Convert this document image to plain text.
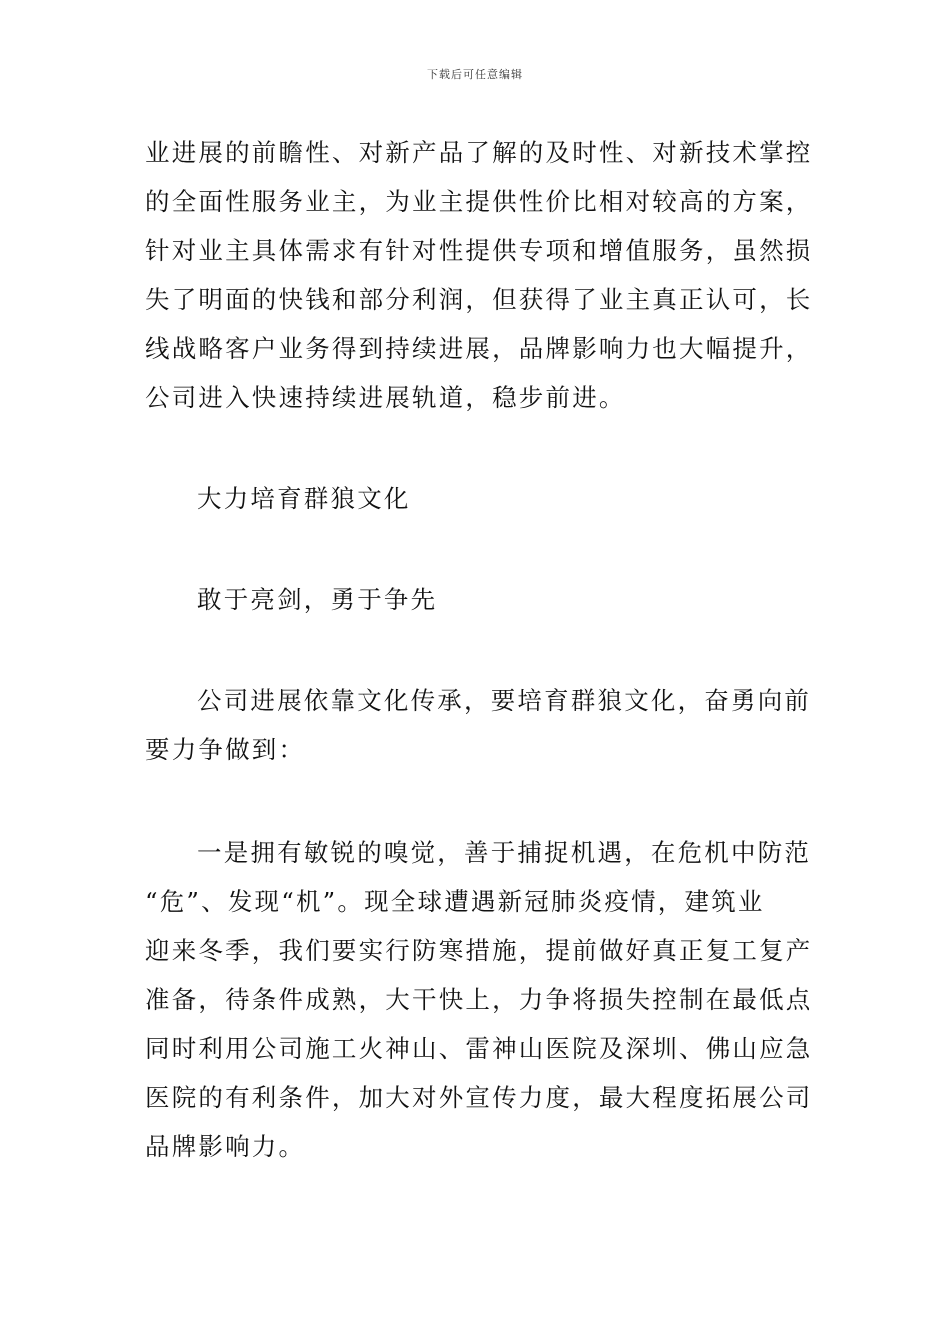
下载后可任意编辑
业进展的前瞻性、对新产品了解的及时性、对新技术掌控
的全面性服务业主，为业主提供性价比相对较高的方案，
针对业主具体需求有针对性提供专项和增值服务，虽然损
失了明面的快钱和部分利润，但获得了业主真正认可，长
线战略客户业务得到持续进展，品牌影响力也大幅提升，
公司进入快速持续进展轨道，稳步前进。
大力培育群狼文化
敢于亮剑，勇于争先
公司进展依靠文化传承，要培育群狼文化，奋勇向前
要力争做到：
一是拥有敏锐的嗅觉，善于捕捉机遇，在危机中防范
“危”、发现“机”。现全球遭遇新冠肺炎疫情，建筑业
迎来冬季，我们要实行防寒措施，提前做好真正复工复产
准备，待条件成熟，大干快上，力争将损失控制在最低点
同时利用公司施工火神山、雷神山医院及深圳、佛山应急
医院的有利条件，加大对外宣传力度，最大程度拓展公司
品牌影响力。
